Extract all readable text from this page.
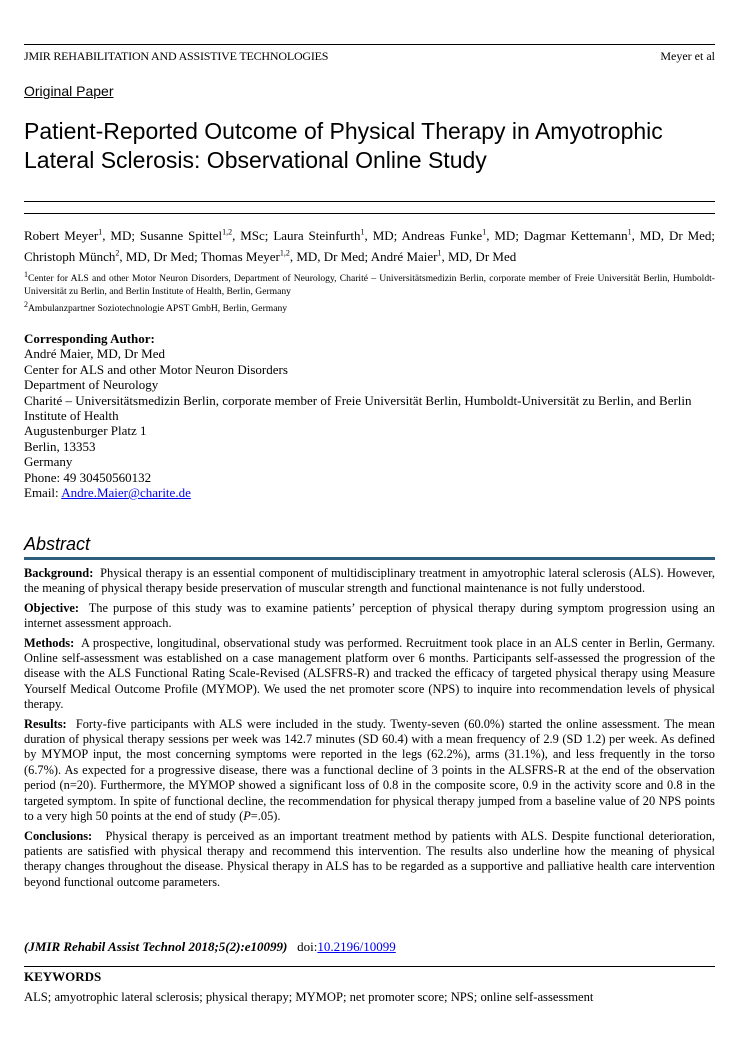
JMIR REHABILITATION AND ASSISTIVE TECHNOLOGIES	Meyer et al
Original Paper
Patient-Reported Outcome of Physical Therapy in Amyotrophic
Lateral Sclerosis: Observational Online Study
Robert Meyer$^1$, MD; Susanne Spittel$^{1,2}$, MSc; Laura Steinfurth$^1$, MD; Andreas Funke$^1$, MD; Dagmar Kettemann$^1$, MD, Dr Med; Christoph Münch$^2$, MD, Dr Med; Thomas Meyer$^{1,2}$, MD, Dr Med; André Maier$^1$, MD, Dr Med
$^1$Center for ALS and other Motor Neuron Disorders, Department of Neurology, Charité – Universitätsmedizin Berlin, corporate member of Freie Universität Berlin, Humboldt-Universität zu Berlin, and Berlin Institute of Health, Berlin, Germany
$^2$Ambulanzpartner Soziotechnologie APST GmbH, Berlin, Germany
Corresponding Author:
André Maier, MD, Dr Med
Center for ALS and other Motor Neuron Disorders
Department of Neurology
Charité – Universitätsmedizin Berlin, corporate member of Freie Universität Berlin, Humboldt-Universität zu Berlin, and Berlin Institute of Health
Augustenburger Platz 1
Berlin, 13353
Germany
Phone: 49 30450560132
Email: Andre.Maier@charite.de
Abstract

Background: Physical therapy is an essential component of multidisciplinary treatment in amyotrophic lateral sclerosis (ALS). However, the meaning of physical therapy beside preservation of muscular strength and functional maintenance is not fully understood.

Objective: The purpose of this study was to examine patients’ perception of physical therapy during symptom progression using an internet assessment approach.

Methods: A prospective, longitudinal, observational study was performed. Recruitment took place in an ALS center in Berlin, Germany. Online self-assessment was established on a case management platform over 6 months. Participants self-assessed the progression of the disease with the ALS Functional Rating Scale-Revised (ALSFRS-R) and tracked the efficacy of targeted physical therapy using Measure Yourself Medical Outcome Profile (MYMOP). We used the net promoter score (NPS) to inquire into recommendation levels of physical therapy.

Results: Forty-five participants with ALS were included in the study. Twenty-seven (60.0%) started the online assessment. The mean duration of physical therapy sessions per week was 142.7 minutes (SD 60.4) with a mean frequency of 2.9 (SD 1.2) per week. As defined by MYMOP input, the most concerning symptoms were reported in the legs (62.2%), arms (31.1%), and less frequently in the torso (6.7%). As expected for a progressive disease, there was a functional decline of 3 points in the ALSFRS-R at the end of the observation period (n=20). Furthermore, the MYMOP showed a significant loss of 0.8 in the composite score, 0.9 in the activity score and 0.8 in the targeted symptom. In spite of functional decline, the recommendation for physical therapy jumped from a baseline value of 20 NPS points to a very high 50 points at the end of study (P=.05).

Conclusions: Physical therapy is perceived as an important treatment method by patients with ALS. Despite functional deterioration, patients are satisfied with physical therapy and recommend this intervention. The results also underline how the meaning of physical therapy changes throughout the disease. Physical therapy in ALS has to be regarded as a supportive and palliative health care intervention beyond functional outcome parameters.

(JMIR Rehabil Assist Technol 2018;5(2):e10099) doi:10.2196/10099
KEYWORDS
ALS; amyotrophic lateral sclerosis; physical therapy; MYMOP; net promoter score; NPS; online self-assessment
